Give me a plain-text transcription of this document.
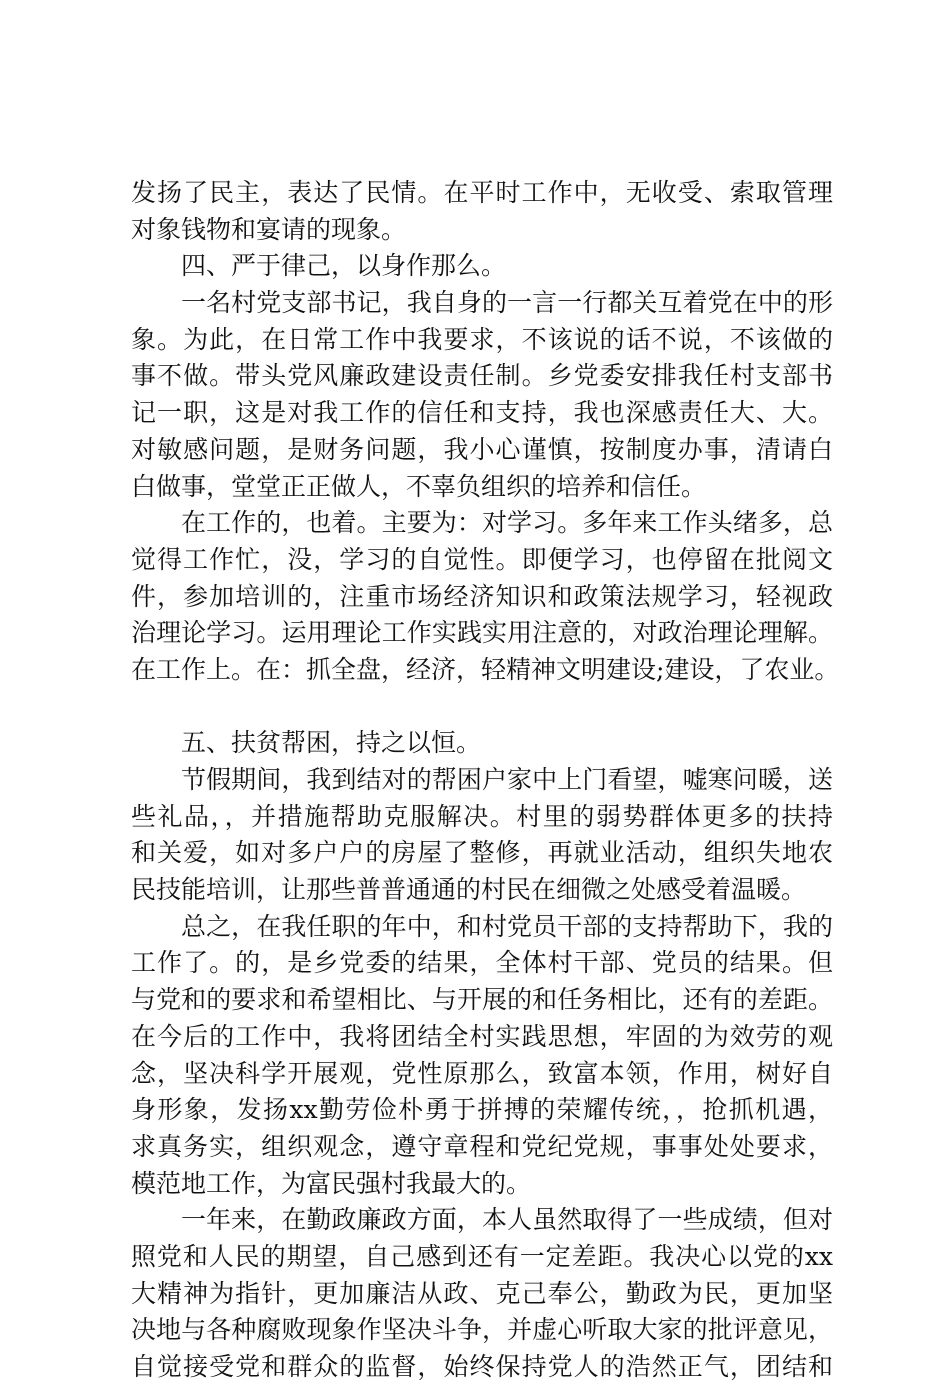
发扬了民主，表达了民情。在平时工作中，无收受、索取管理
对象钱物和宴请的现象。
四、严于律己，以身作那么。
一名村党支部书记，我自身的一言一行都关互着党在中的形
象。为此，在日常工作中我要求，不该说的话不说，不该做的
事不做。带头党风廉政建设责任制。乡党委安排我任村支部书
记一职，这是对我工作的信任和支持，我也深感责任大、大。
对敏感问题，是财务问题，我小心谨慎，按制度办事，清请白
白做事，堂堂正正做人，不辜负组织的培养和信任。
在工作的，也着。主要为：对学习。多年来工作头绪多，总
觉得工作忙，没，学习的自觉性。即便学习，也停留在批阅文
件，参加培训的，注重市场经济知识和政策法规学习，轻视政
治理论学习。运用理论工作实践实用注意的，对政治理论理解。
在工作上。在：抓全盘，经济，轻精神文明建设;建设，了农业。
五、扶贫帮困，持之以恒。
节假期间，我到结对的帮困户家中上门看望，嘘寒问暖，送
些礼品，，并措施帮助克服解决。村里的弱势群体更多的扶持
和关爱，如对多户户的房屋了整修，再就业活动，组织失地农
民技能培训，让那些普普通通的村民在细微之处感受着温暖。
总之，在我任职的年中，和村党员干部的支持帮助下，我的
工作了。的，是乡党委的结果，全体村干部、党员的结果。但
与党和的要求和希望相比、与开展的和任务相比，还有的差距。
在今后的工作中，我将团结全村实践思想，牢固的为效劳的观
念，坚决科学开展观，党性原那么，致富本领，作用，树好自
身形象，发扬xx勤劳俭朴勇于拼搏的荣耀传统，，抢抓机遇，
求真务实，组织观念，遵守章程和党纪党规，事事处处要求，
模范地工作，为富民强村我最大的。
一年来，在勤政廉政方面，本人虽然取得了一些成绩，但对
照党和人民的期望，自己感到还有一定差距。我决心以党的xx
大精神为指针，更加廉洁从政、克己奉公，勤政为民，更加坚
决地与各种腐败现象作坚决斗争，并虚心听取大家的批评意见，
自觉接受党和群众的监督，始终保持党人的浩然正气，团结和
